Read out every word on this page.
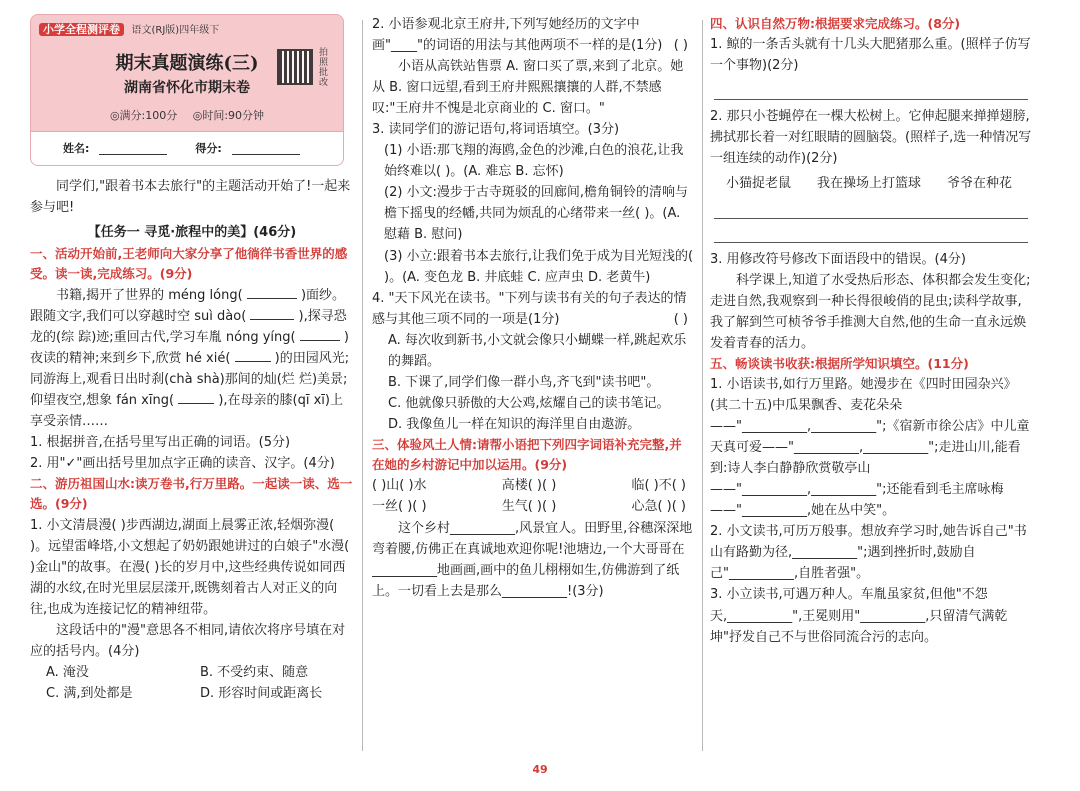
小学全程测评卷 语文(RJ版)四年级下
期末真题演练(三)
湖南省怀化市期末卷
拍照批改
◎满分:100分 ◎时间:90分钟
姓名:	得分:

同学们,"跟着书本去旅行"的主题活动开始了!一起来参与吧!

【任务一 寻觅·旅程中的美】(46分)

一、活动开始前,王老师向大家分享了他徜徉书香世界的感受。读一读,完成练习。(9分)

书籍,揭开了世界的 méng lóng(	)面纱。跟随文字,我们可以穿越时空 suì dào(	),探寻恐龙的(综 踪)迹;重回古代,学习车胤 nóng yíng(	)夜读的精神;来到乡下,欣赏 hé xié(	)的田园风光;同游海上,观看日出时刹(chà shà)那间的灿(烂 烂)美景;仰望夜空,想象 fán xīng(	),在母亲的膝(qī xī)上享受亲情……

1. 根据拼音,在括号里写出正确的词语。(5分)

2. 用"✓"画出括号里加点字正确的读音、汉字。(4分)

二、游历祖国山水:读万卷书,行万里路。一起读一读、选一选。(9分)

1. 小文清晨漫( )步西湖边,湖面上晨雾正浓,轻烟弥漫( )。远望雷峰塔,小文想起了奶奶跟她讲过的白娘子"水漫( )金山"的故事。在漫( )长的岁月中,这些经典传说如同西湖的水纹,在时光里层层漾开,既镌刻着古人对正义的向往,也成为连接记忆的精神纽带。

这段话中的"漫"意思各不相同,请依次将序号填在对应的括号内。(4分)

A. 淹没	B. 不受约束、随意
C. 满,到处都是	D. 形容时间或距离长

2. 小语参观北京王府井,下列写她经历的文字中画"____"的词语的用法与其他两项不一样的是(1分) ( )

小语从高铁站售票 A. 窗口买了票,来到了北京。她从 B. 窗口远望,看到王府井熙熙攘攘的人群,不禁感叹:"王府井不愧是北京商业的 C. 窗口。"

3. 读同学们的游记语句,将词语填空。(3分)

(1) 小语:那飞翔的海鸥,金色的沙滩,白色的浪花,让我始终难以( )。(A. 难忘 B. 忘怀)

(2) 小文:漫步于古寺斑驳的回廊间,檐角铜铃的清响与檐下摇曳的经幡,共同为烦乱的心绪带来一丝( )。(A. 慰藉 B. 慰问)

(3) 小立:跟着书本去旅行,让我们免于成为目光短浅的( )。(A. 变色龙 B. 井底蛙 C. 应声虫 D. 老黄牛)

4. "天下风光在读书。"下列与读书有关的句子表达的情感与其他三项不同的一项是(1分)	( )

A. 每次收到新书,小文就会像只小蝴蝶一样,跳起欢乐的舞蹈。

B. 下课了,同学们像一群小鸟,齐飞到"读书吧"。

C. 他就像只骄傲的大公鸡,炫耀自己的读书笔记。

D. 我像鱼儿一样在知识的海洋里自由遨游。

三、体验风土人情:请帮小语把下列四字词语补充完整,并在她的乡村游记中加以运用。(9分)

( )山( )水	高楼( )( )	临( )不( )
一丝( )( )	生气( )( )	心急( )( )

这个乡村__________,风景宜人。田野里,谷穗深深地弯着腰,仿佛正在真诚地欢迎你呢!池塘边,一个大哥哥在__________地画画,画中的鱼儿栩栩如生,仿佛游到了纸上。一切看上去是那么__________!(3分)

四、认识自然万物:根据要求完成练习。(8分)

1. 鲸的一条舌头就有十几头大肥猪那么重。(照样子仿写一个事物)(2分)

2. 那只小苍蝇停在一棵大松树上。它伸起腿来掸掸翅膀,拂拭那长着一对红眼睛的圆脑袋。(照样子,选一种情况写一组连续的动作)(2分)

小猫捉老鼠 我在操场上打篮球 爷爷在种花

3. 用修改符号修改下面语段中的错误。(4分)

科学课上,知道了水受热后形态、体积都会发生变化;走进自然,我观察到一种长得很峻俏的昆虫;读科学故事,我了解到竺可桢爷爷手推测大自然,他的生命一直永远焕发着青春的活力。

五、畅谈读书收获:根据所学知识填空。(11分)

1. 小语读书,如行万里路。她漫步在《四时田园杂兴》(其二十五)中瓜果飘香、麦花朵朵——"__________,__________";《宿新市徐公店》中儿童天真可爱——"__________,__________";走进山川,能看到:诗人李白静静欣赏敬亭山——"__________,__________";还能看到毛主席咏梅——"__________,她在丛中笑"。

2. 小文读书,可历万般事。想放弃学习时,她告诉自己"书山有路勤为径,__________";遇到挫折时,鼓励自己"__________,自胜者强"。

3. 小立读书,可遇万种人。车胤虽家贫,但他"不怨天,__________",王冕则用"__________,只留清气满乾坤"抒发自己不与世俗同流合污的志向。

49
